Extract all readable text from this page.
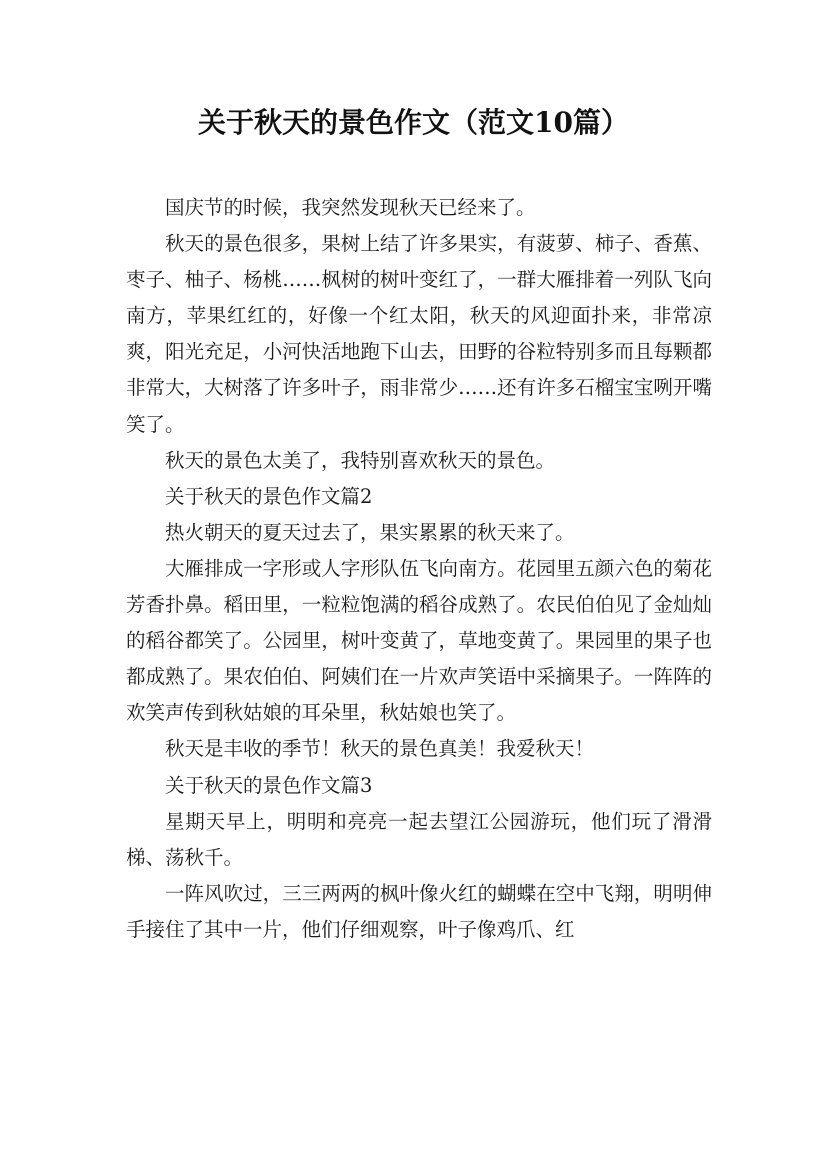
关于秋天的景色作文（范文10篇）

国庆节的时候，我突然发现秋天已经来了。

秋天的景色很多，果树上结了许多果实，有菠萝、柿子、香蕉、枣子、柚子、杨桃……枫树的树叶变红了，一群大雁排着一列队飞向南方，苹果红红的，好像一个红太阳，秋天的风迎面扑来，非常凉爽，阳光充足，小河快活地跑下山去，田野的谷粒特别多而且每颗都非常大，大树落了许多叶子，雨非常少……还有许多石榴宝宝咧开嘴笑了。

秋天的景色太美了，我特别喜欢秋天的景色。

关于秋天的景色作文篇2

热火朝天的夏天过去了，果实累累的秋天来了。

大雁排成一字形或人字形队伍飞向南方。花园里五颜六色的菊花芳香扑鼻。稻田里，一粒粒饱满的稻谷成熟了。农民伯伯见了金灿灿的稻谷都笑了。公园里，树叶变黄了，草地变黄了。果园里的果子也都成熟了。果农伯伯、阿姨们在一片欢声笑语中采摘果子。一阵阵的欢笑声传到秋姑娘的耳朵里，秋姑娘也笑了。

秋天是丰收的季节！秋天的景色真美！我爱秋天！

关于秋天的景色作文篇3

星期天早上，明明和亮亮一起去望江公园游玩，他们玩了滑滑梯、荡秋千。

一阵风吹过，三三两两的枫叶像火红的蝴蝶在空中飞翔，明明伸手接住了其中一片，他们仔细观察，叶子像鸡爪、红
